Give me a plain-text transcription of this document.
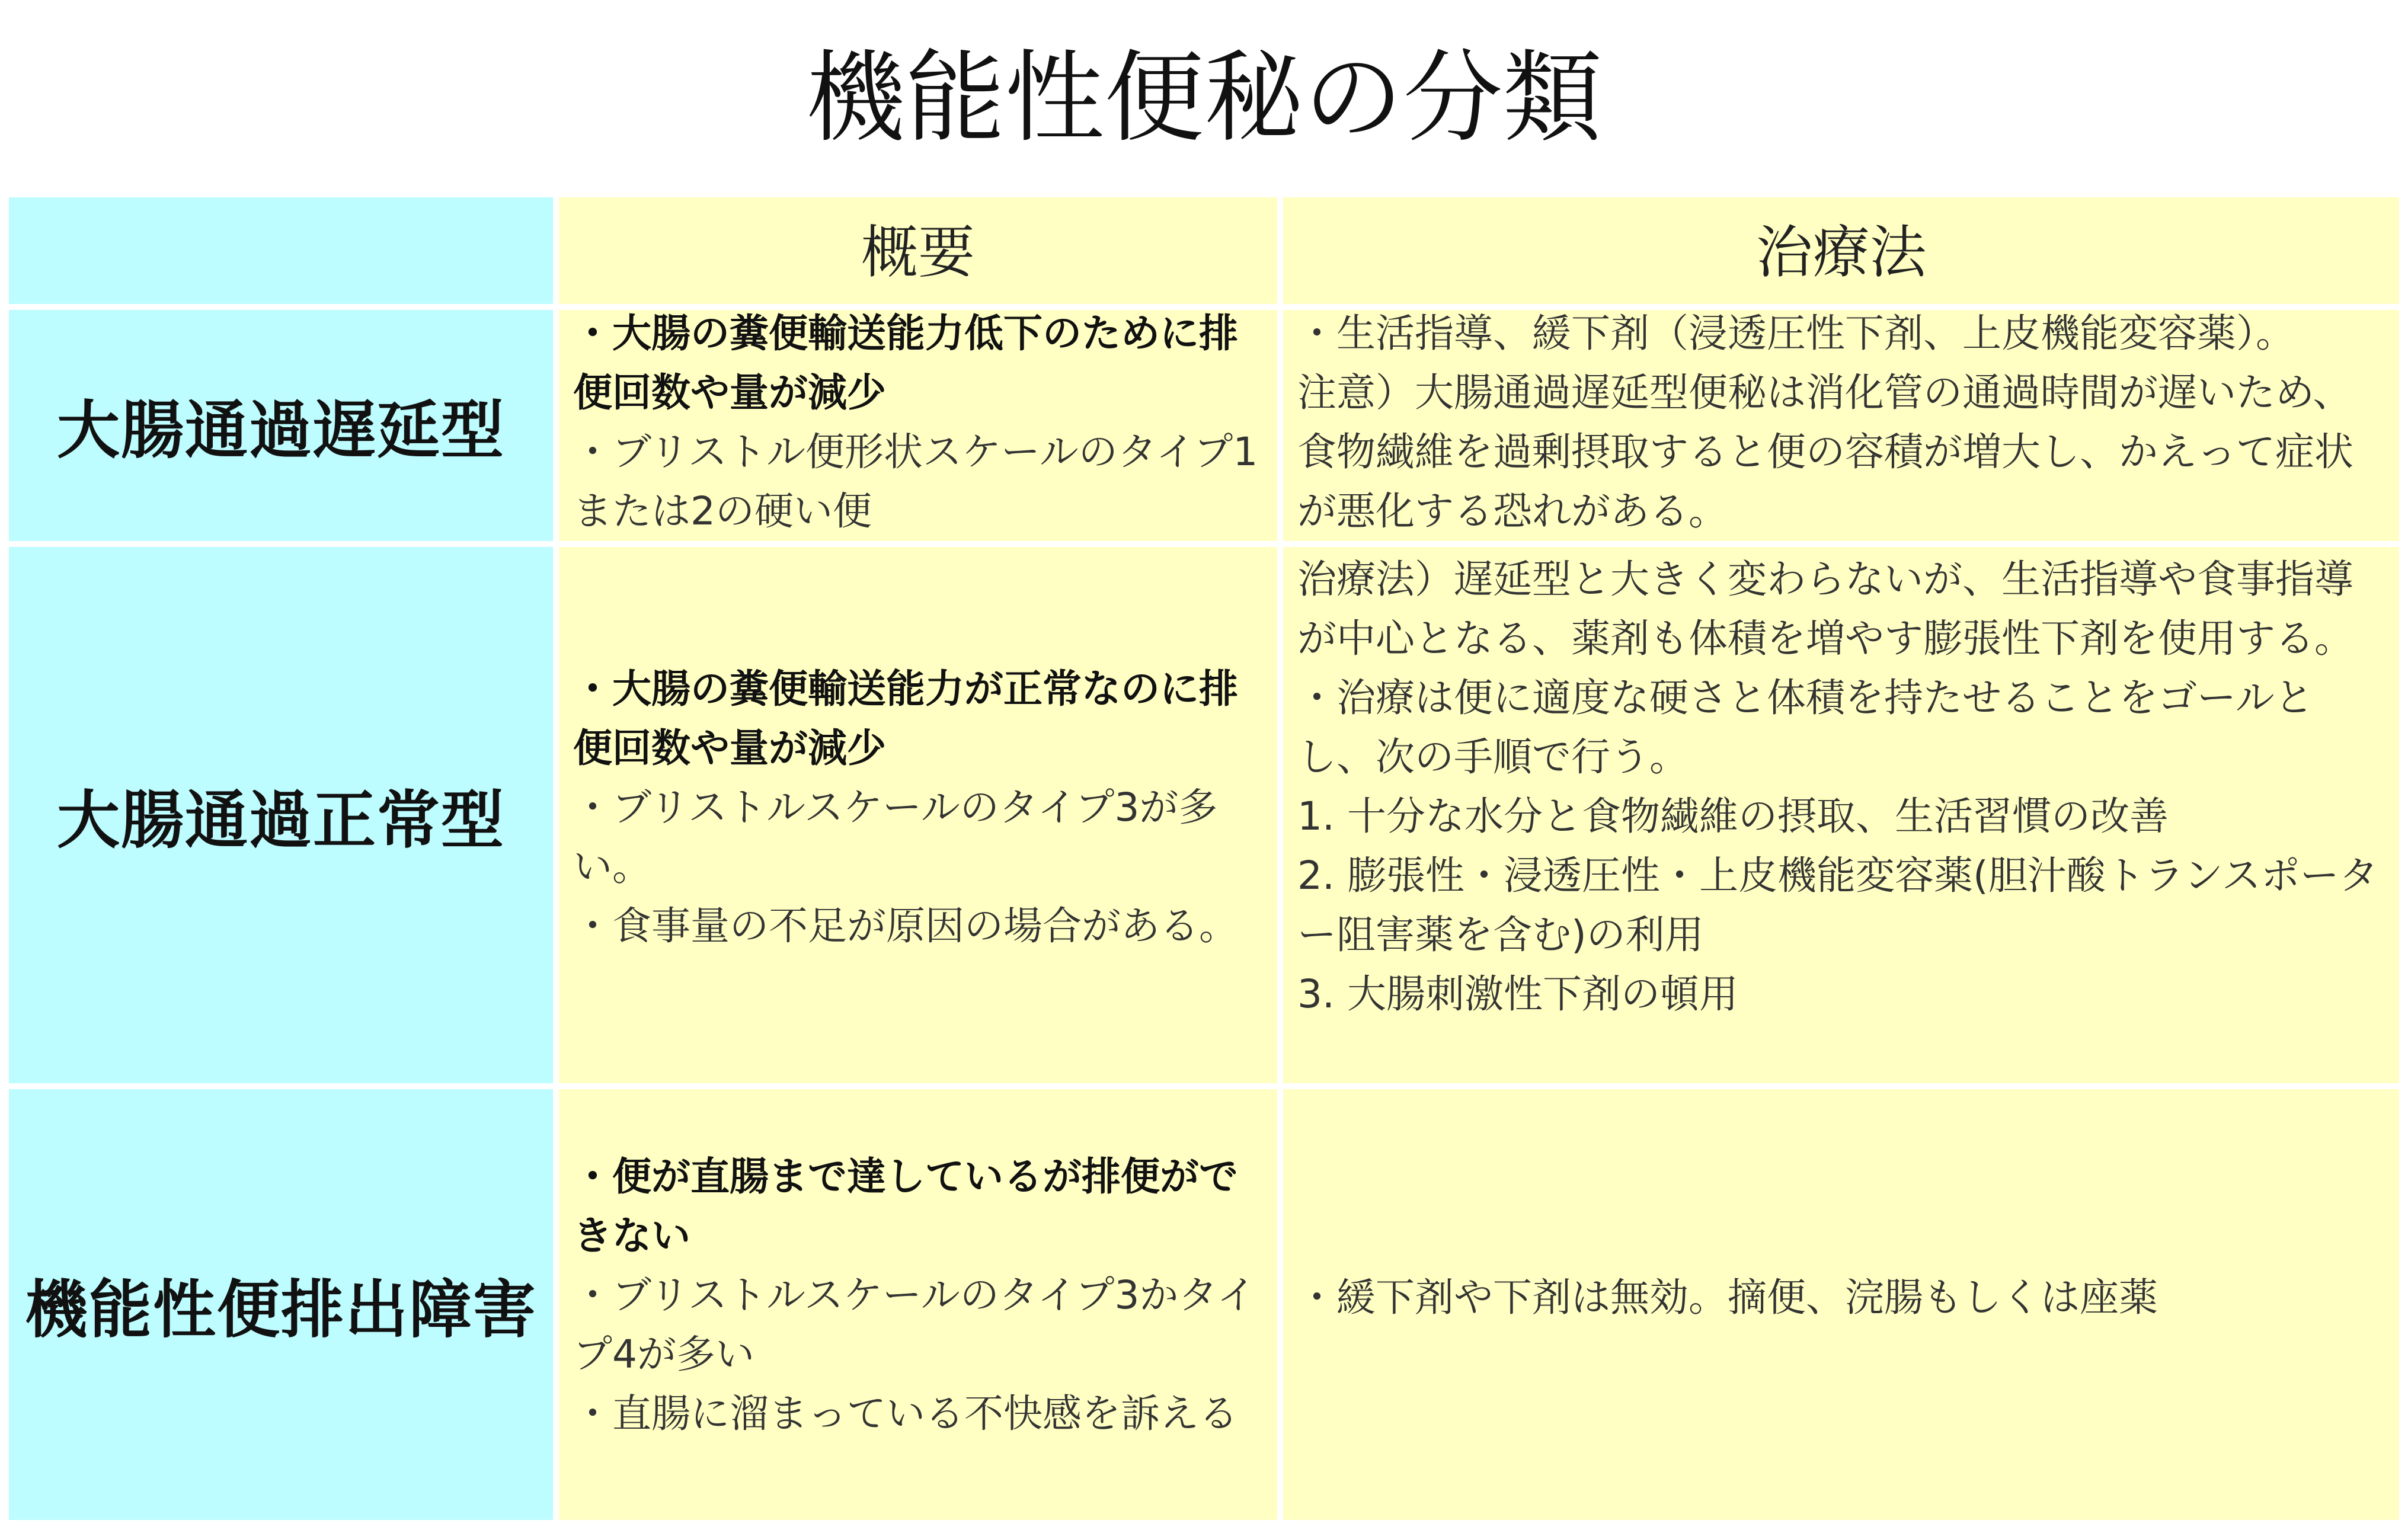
機能性便秘の分類
概要	治療法
大腸通過遅延型
・大腸の糞便輸送能力低下のために排
便回数や量が減少
・ブリストル便形状スケールのタイプ1
または2の硬い便
・生活指導、緩下剤（浸透圧性下剤、上皮機能変容薬）。
注意）大腸通過遅延型便秘は消化管の通過時間が遅いため、
食物繊維を過剰摂取すると便の容積が増大し、かえって症状
が悪化する恐れがある。
大腸通過正常型
・大腸の糞便輸送能力が正常なのに排
便回数や量が減少
・ブリストルスケールのタイプ3が多
い。
・食事量の不足が原因の場合がある。
治療法）遅延型と大きく変わらないが、生活指導や食事指導
が中心となる、薬剤も体積を増やす膨張性下剤を使用する。
・治療は便に適度な硬さと体積を持たせることをゴールと
し、次の手順で行う。
1. 十分な水分と食物繊維の摂取、生活習慣の改善
2. 膨張性・浸透圧性・上皮機能変容薬(胆汁酸トランスポータ
ー阻害薬を含む)の利用
3. 大腸刺激性下剤の頓用
機能性便排出障害
・便が直腸まで達しているが排便がで
きない
・ブリストルスケールのタイプ3かタイ
プ4が多い
・直腸に溜まっている不快感を訴える
・緩下剤や下剤は無効。摘便、浣腸もしくは座薬
